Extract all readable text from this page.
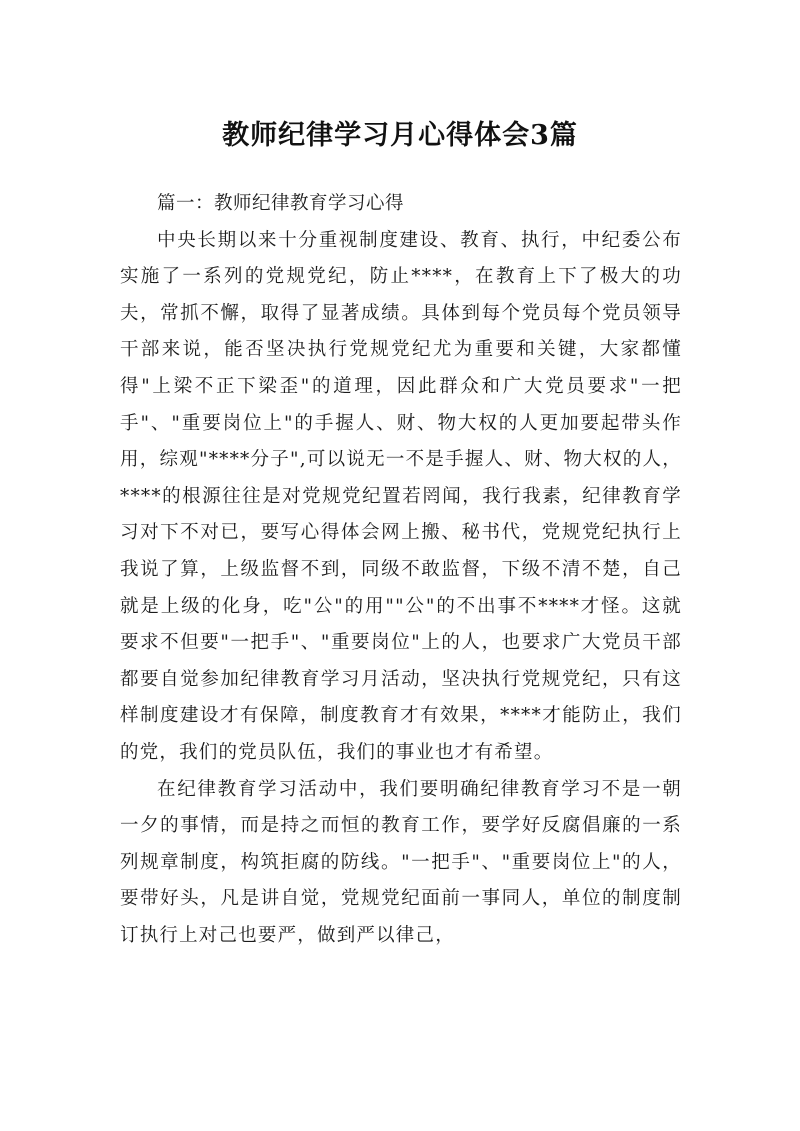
教师纪律学习月心得体会3篇

篇一：教师纪律教育学习心得

中央长期以来十分重视制度建设、教育、执行，中纪委公布实施了一系列的党规党纪，防止****，在教育上下了极大的功夫，常抓不懈，取得了显著成绩。具体到每个党员每个党员领导干部来说，能否坚决执行党规党纪尤为重要和关键，大家都懂得"上梁不正下梁歪"的道理，因此群众和广大党员要求"一把手"、"重要岗位上"的手握人、财、物大权的人更加要起带头作用，综观"****分子",可以说无一不是手握人、财、物大权的人，****的根源往往是对党规党纪置若罔闻，我行我素，纪律教育学习对下不对已，要写心得体会网上搬、秘书代，党规党纪执行上我说了算，上级监督不到，同级不敢监督，下级不清不楚，自己就是上级的化身，吃"公"的用""公"的不出事不****才怪。这就要求不但要"一把手"、"重要岗位"上的人，也要求广大党员干部都要自觉参加纪律教育学习月活动，坚决执行党规党纪，只有这样制度建设才有保障，制度教育才有效果，****才能防止，我们的党，我们的党员队伍，我们的事业也才有希望。

在纪律教育学习活动中，我们要明确纪律教育学习不是一朝一夕的事情，而是持之而恒的教育工作，要学好反腐倡廉的一系列规章制度，构筑拒腐的防线。"一把手"、"重要岗位上"的人，要带好头，凡是讲自觉，党规党纪面前一事同人，单位的制度制订执行上对己也要严，做到严以律己，
